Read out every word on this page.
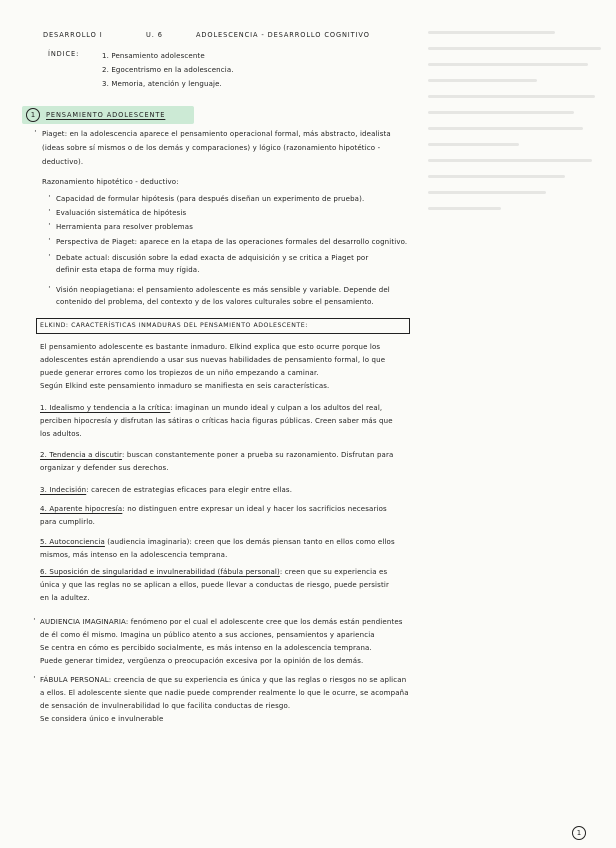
DESARROLLO I	U. 6	ADOLESCENCIA - DESARROLLO COGNITIVO
ÍNDICE:	1. Pensamiento adolescente
2. Egocentrismo en la adolescencia.
3. Memoria, atención y lenguaje.
1	PENSAMIENTO ADOLESCENTE
· Piaget: en la adolescencia aparece el pensamiento operacional formal, más abstracto, idealista
(ideas sobre sí mismos o de los demás y comparaciones) y lógico (razonamiento hipotético -
deductivo).
Razonamiento hipotético - deductivo:
· Capacidad de formular hipótesis (para después diseñan un experimento de prueba).
· Evaluación sistemática de hipótesis
· Herramienta para resolver problemas
· Perspectiva de Piaget: aparece en la etapa de las operaciones formales del desarrollo cognitivo.
· Debate actual: discusión sobre la edad exacta de adquisición y se critica a Piaget por
definir esta etapa de forma muy rígida.
· Visión neopiagetiana: el pensamiento adolescente es más sensible y variable. Depende del
contenido del problema, del contexto y de los valores culturales sobre el pensamiento.
ELKIND: CARACTERÍSTICAS INMADURAS DEL PENSAMIENTO ADOLESCENTE:
El pensamiento adolescente es bastante inmaduro. Elkind explica que esto ocurre porque los
adolescentes están aprendiendo a usar sus nuevas habilidades de pensamiento formal, lo que
puede generar errores como los tropiezos de un niño empezando a caminar.
Según Elkind este pensamiento inmaduro se manifiesta en seis características.
1. Idealismo y tendencia a la crítica: imaginan un mundo ideal y culpan a los adultos del real,
perciben hipocresía y disfrutan las sátiras o críticas hacia figuras públicas. Creen saber más que
los adultos.
2. Tendencia a discutir: buscan constantemente poner a prueba su razonamiento. Disfrutan para
organizar y defender sus derechos.
3. Indecisión: carecen de estrategias eficaces para elegir entre ellas.
4. Aparente hipocresía: no distinguen entre expresar un ideal y hacer los sacrificios necesarios
para cumplirlo.
5. Autoconciencia (audiencia imaginaria): creen que los demás piensan tanto en ellos como ellos
mismos, más intenso en la adolescencia temprana.
6. Suposición de singularidad e invulnerabilidad (fábula personal): creen que su experiencia es
única y que las reglas no se aplican a ellos, puede llevar a conductas de riesgo, puede persistir
en la adultez.
· AUDIENCIA IMAGINARIA: fenómeno por el cual el adolescente cree que los demás están pendientes
de él como él mismo. Imagina un público atento a sus acciones, pensamientos y apariencia
Se centra en cómo es percibido socialmente, es más intenso en la adolescencia temprana.
Puede generar timidez, vergüenza o preocupación excesiva por la opinión de los demás.
· FÁBULA PERSONAL: creencia de que su experiencia es única y que las reglas o riesgos no se aplican
a ellos. El adolescente siente que nadie puede comprender realmente lo que le ocurre, se acompaña
de sensación de invulnerabilidad lo que facilita conductas de riesgo.
Se considera único e invulnerable
1
